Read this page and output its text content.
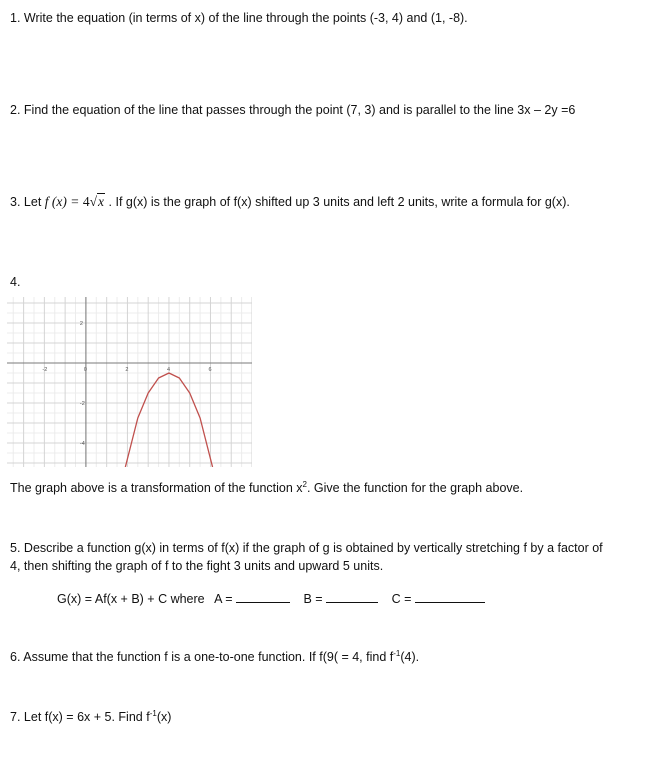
1. Write the equation (in terms of x) of the line through the points (-3, 4) and (1, -8).
2. Find the equation of the line that passes through the point (7, 3) and is parallel to the line 3x – 2y =6
3. Let f (x) = 4√x . If g(x) is the graph of f(x) shifted up 3 units and left 2 units, write a formula for g(x).
4.
-2	0	2	4	6
2
-2
-4
The graph above is a transformation of the function $x^2$. Give the function for the graph above.
5. Describe a function g(x) in terms of f(x) if the graph of g is obtained by vertically stretching f by a factor of 4, then shifting the graph of f to the fight 3 units and upward 5 units.
G(x) = Af(x + B) + C where A =	B =	C =
6. Assume that the function f is a one-to-one function. If f(9( = 4, find $f^{-1}(4)$.
7. Let f(x) = 6x + 5. Find $f^{-1}(x)$
